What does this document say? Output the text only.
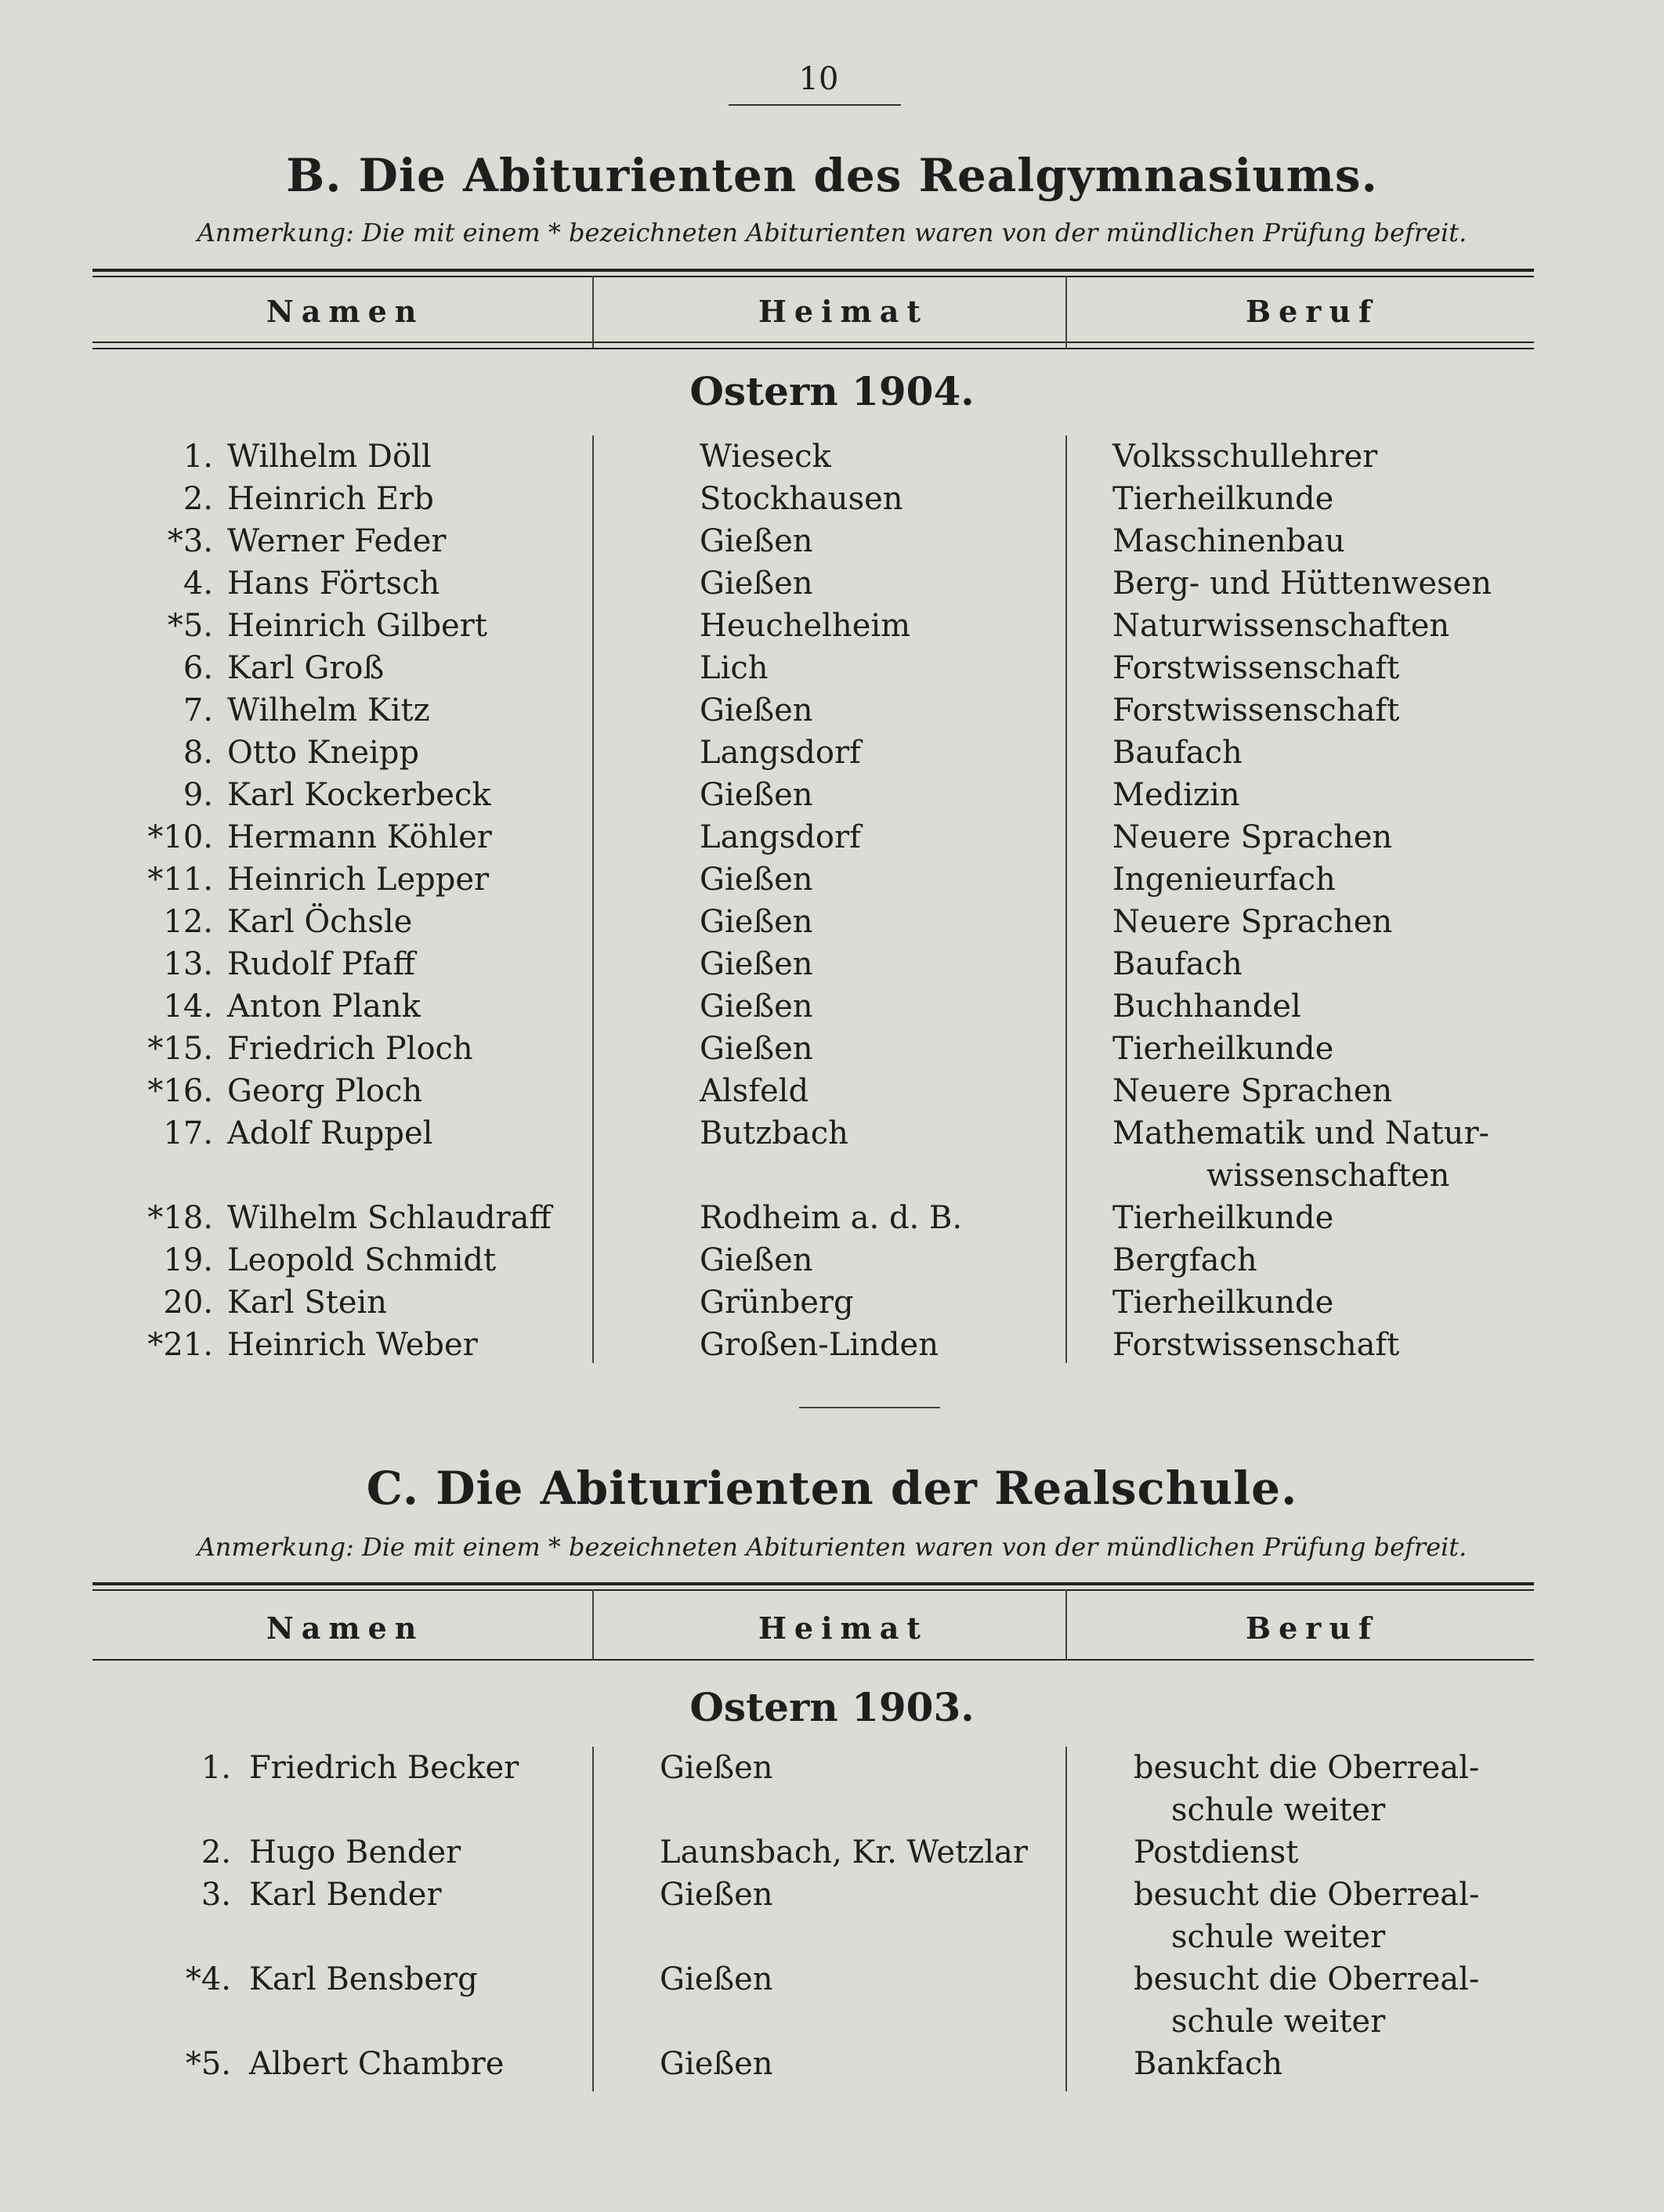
10
B. Die Abiturienten des Realgymnasiums.
Anmerkung: Die mit einem * bezeichneten Abiturienten waren von der mündlichen Prüfung befreit.
Namen	Heimat	Beruf
Ostern 1904.
1. Wilhelm Döll	Wieseck	Volksschullehrer
2. Heinrich Erb	Stockhausen	Tierheilkunde
*3. Werner Feder	Gießen	Maschinenbau
4. Hans Förtsch	Gießen	Berg- und Hüttenwesen
*5. Heinrich Gilbert	Heuchelheim	Naturwissenschaften
6. Karl Groß	Lich	Forstwissenschaft
7. Wilhelm Kitz	Gießen	Forstwissenschaft
8. Otto Kneipp	Langsdorf	Baufach
9. Karl Kockerbeck	Gießen	Medizin
*10. Hermann Köhler	Langsdorf	Neuere Sprachen
*11. Heinrich Lepper	Gießen	Ingenieurfach
12. Karl Öchsle	Gießen	Neuere Sprachen
13. Rudolf Pfaff	Gießen	Baufach
14. Anton Plank	Gießen	Buchhandel
*15. Friedrich Ploch	Gießen	Tierheilkunde
*16. Georg Ploch	Alsfeld	Neuere Sprachen
17. Adolf Ruppel	Butzbach	Mathematik und Natur-
wissenschaften
*18. Wilhelm Schlaudraff	Rodheim a. d. B.	Tierheilkunde
19. Leopold Schmidt	Gießen	Bergfach
20. Karl Stein	Grünberg	Tierheilkunde
*21. Heinrich Weber	Großen-Linden	Forstwissenschaft
C. Die Abiturienten der Realschule.
Anmerkung: Die mit einem * bezeichneten Abiturienten waren von der mündlichen Prüfung befreit.
Namen	Heimat	Beruf
Ostern 1903.
1. Friedrich Becker	Gießen	besucht die Oberreal-
schule weiter
2. Hugo Bender	Launsbach, Kr. Wetzlar	Postdienst
3. Karl Bender	Gießen	besucht die Oberreal-
schule weiter
*4. Karl Bensberg	Gießen	besucht die Oberreal-
schule weiter
*5. Albert Chambre	Gießen	Bankfach
